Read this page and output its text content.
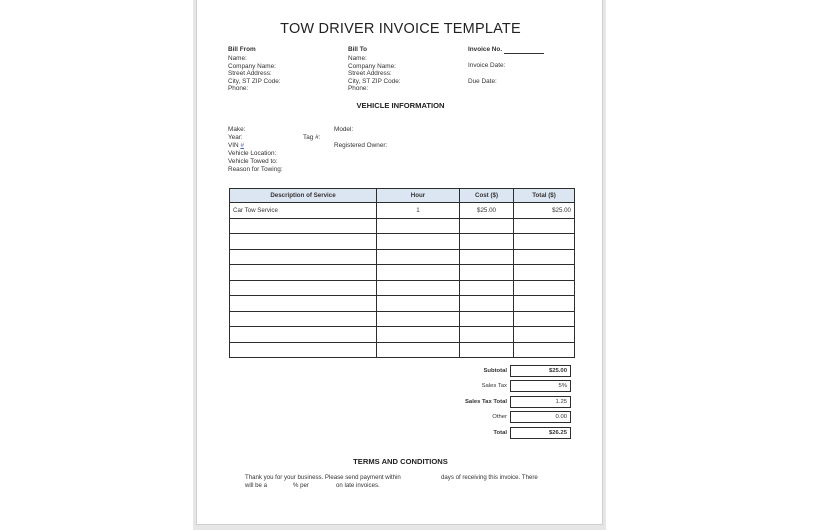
TOW DRIVER INVOICE TEMPLATE
Bill From
Name:
Company Name:
Street Address:
City, ST ZIP Code:
Phone:
Bill To
Name:
Company Name:
Street Address:
City, ST ZIP Code:
Phone:
Invoice No.
Invoice Date:
Due Date:
VEHICLE INFORMATION
Make:
Year:
VIN #
Vehicle Location:
Vehicle Towed to:
Reason for Towing:
Tag #:
Model:
Registered Owner:
Description of Service	Hour	Cost ($)	Total ($)
Car Tow Service	1	$25.00	$25.00

Subtotal	$25.00
Sales Tax	5%
Sales Tax Total	1.25
Other	0.00
Total	$26.25
TERMS AND CONDITIONS
Thank you for your business. Please send payment within	days of receiving this invoice. There
will be a	% per	on late invoices.
